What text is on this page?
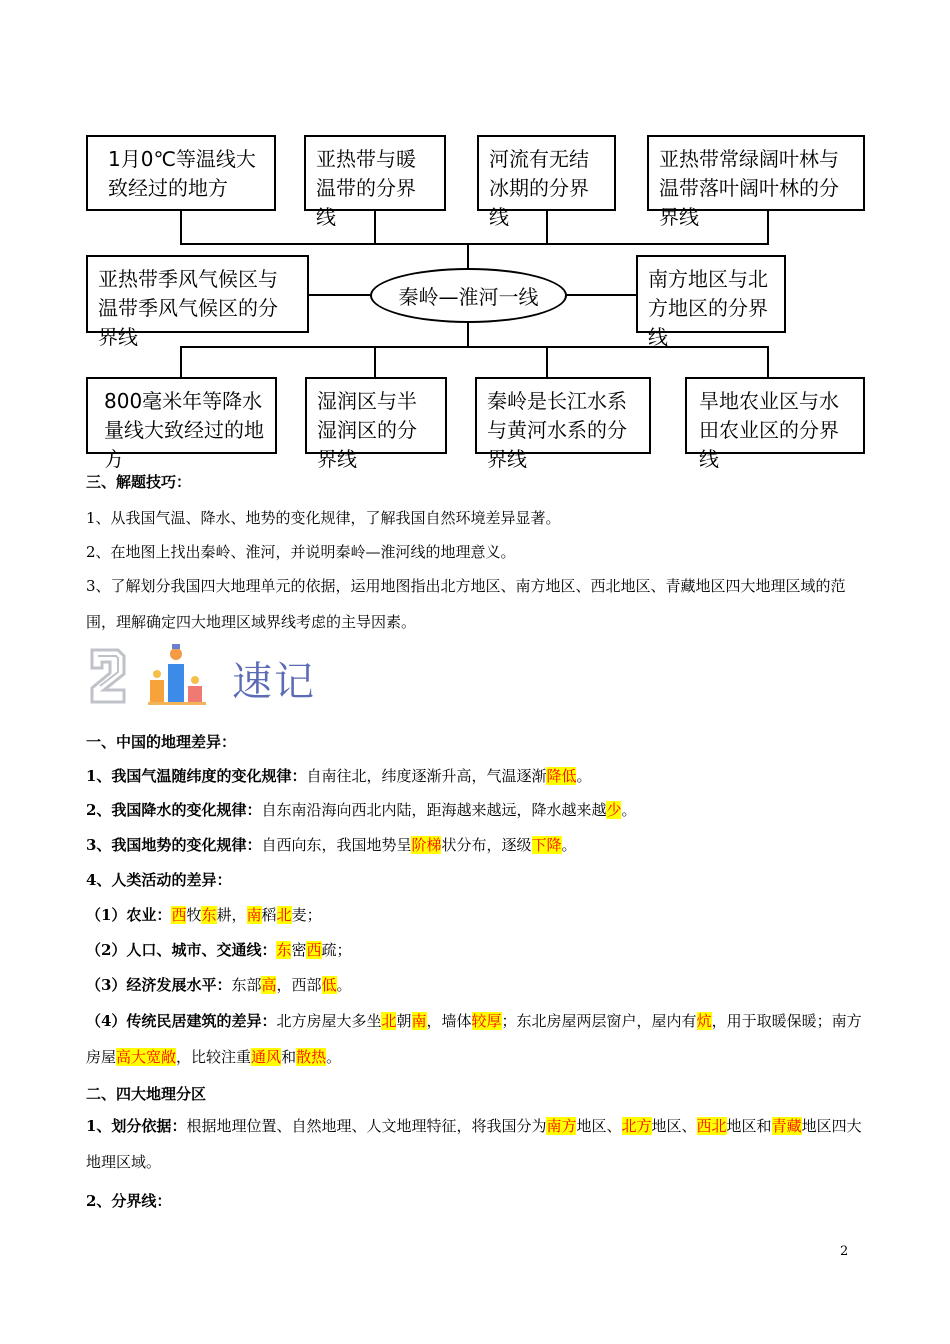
1月0℃等温线大致经过的地方
亚热带与暖温带的分界线
河流有无结冰期的分界线
亚热带常绿阔叶林与温带落叶阔叶林的分界线
亚热带季风气候区与温带季风气候区的分界线
秦岭—淮河一线
南方地区与北方地区的分界线
800毫米年等降水量线大致经过的地方
湿润区与半湿润区的分界线
秦岭是长江水系与黄河水系的分界线
旱地农业区与水田农业区的分界线
三、解题技巧：
1、从我国气温、降水、地势的变化规律，了解我国自然环境差异显著。
2、在地图上找出秦岭、淮河，并说明秦岭—淮河线的地理意义。
3、了解划分我国四大地理单元的依据，运用地图指出北方地区、南方地区、西北地区、青藏地区四大地理区域的范围，理解确定四大地理区域界线考虑的主导因素。
速记
一、中国的地理差异：
1、我国气温随纬度的变化规律：自南往北，纬度逐渐升高，气温逐渐降低。
2、我国降水的变化规律：自东南沿海向西北内陆，距海越来越远，降水越来越少。
3、我国地势的变化规律：自西向东，我国地势呈阶梯状分布，逐级下降。
4、人类活动的差异：
（1）农业：西牧东耕，南稻北麦；
（2）人口、城市、交通线：东密西疏；
（3）经济发展水平：东部高，西部低。
（4）传统民居建筑的差异：北方房屋大多坐北朝南，墙体较厚；东北房屋两层窗户，屋内有炕，用于取暖保暖；南方房屋高大宽敞，比较注重通风和散热。
二、四大地理分区
1、划分依据：根据地理位置、自然地理、人文地理特征，将我国分为南方地区、北方地区、西北地区和青藏地区四大地理区域。
2、分界线：
2
